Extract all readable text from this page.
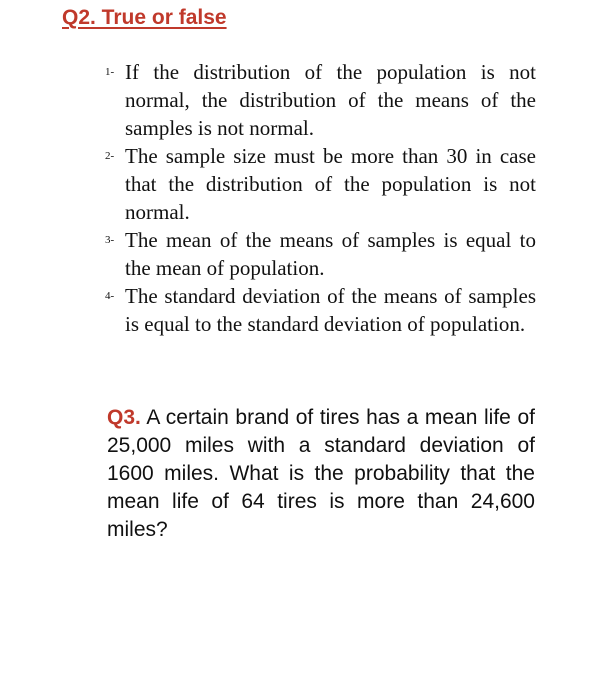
Q2. True or false
1- If the distribution of the population is not normal, the distribution of the means of the samples is not normal.
2- The sample size must be more than 30 in case that the distribution of the population is not normal.
3- The mean of the means of samples is equal to the mean of population.
4- The standard deviation of the means of samples is equal to the standard deviation of population.

Q3. A certain brand of tires has a mean life of 25,000 miles with a standard deviation of 1600 miles. What is the probability that the mean life of 64 tires is more than 24,600 miles?
